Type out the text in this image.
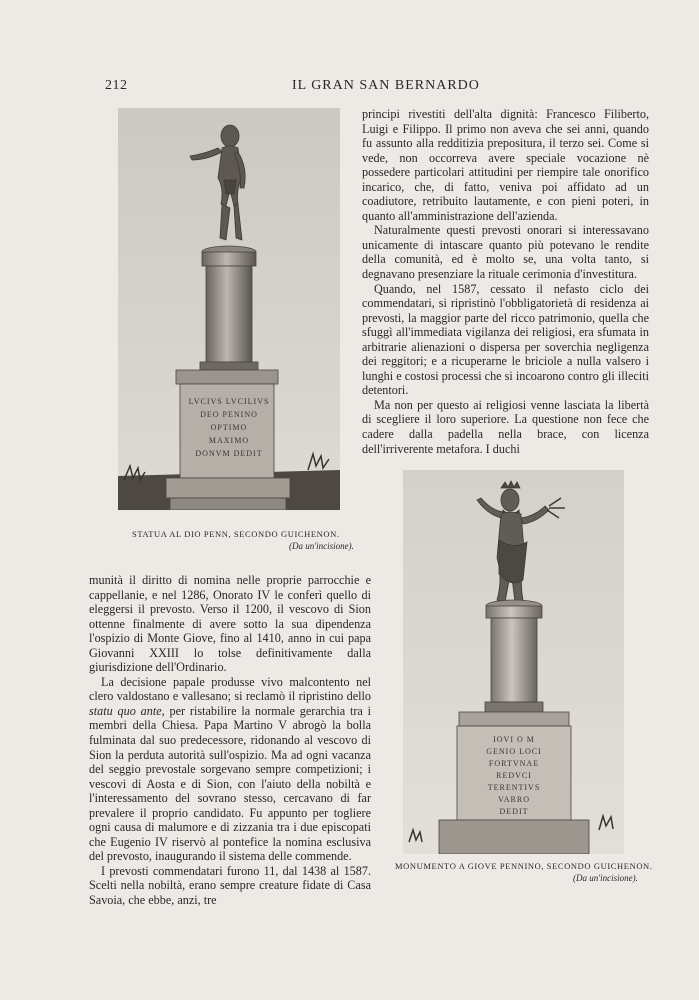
212	IL GRAN SAN BERNARDO
LVCIVS LVCILIVS
DEO PENINO
OPTIMO
MAXIMO
DONVM DEDIT
STATUA AL DIO PENN, SECONDO GUICHENON.
(Da un'incisione).
IOVI O M
GENIO LOCI
FORTVNAE
REDVCI
TERENTIVS
VARRO
DEDIT
MONUMENTO A GIOVE PENNINO, SECONDO GUICHENON.
(Da un'incisione).

principi rivestiti dell'alta dignità: Francesco Filiberto, Luigi e Filippo. Il primo non aveva che sei anni, quando fu assunto alla redditizia prepositura, il terzo sei. Come si vede, non occorreva avere speciale vocazione nè possedere particolari attitudini per riempire tale onorifico incarico, che, di fatto, veniva poi affidato ad un coadiutore, retribuito lautamente, e con pieni poteri, in quanto all'amministrazione dell'azienda.

Naturalmente questi prevosti onorari si interessavano unicamente di intascare quanto più potevano le rendite della comunità, ed è molto se, una volta tanto, si degnavano presenziare la rituale cerimonia d'investitura.

Quando, nel 1587, cessato il nefasto ciclo dei commendatari, si ripristinò l'obbligatorietà di residenza ai prevosti, la maggior parte del ricco patrimonio, quella che sfuggì all'immediata vigilanza dei religiosi, era sfumata in arbitrarie alienazioni o dispersa per soverchia negligenza dei reggitori; e a ricuperarne le briciole a nulla valsero i lunghi e costosi processi che si incoarono contro gli illeciti detentori.

Ma non per questo ai religiosi venne lasciata la libertà di scegliere il loro superiore. La questione non fece che cadere dalla padella nella brace, con licenza dell'irriverente metafora. I duchi

munità il diritto di nomina nelle proprie parrocchie e cappellanie, e nel 1286, Onorato IV le conferì quello di eleggersi il prevosto. Verso il 1200, il vescovo di Sion ottenne finalmente di avere sotto la sua dipendenza l'ospizio di Monte Giove, fino al 1410, anno in cui papa Giovanni XXIII lo tolse definitivamente dalla giurisdizione dell'Ordinario.

La decisione papale produsse vivo malcontento nel clero valdostano e vallesano; si reclamò il ripristino dello statu quo ante, per ristabilire la normale gerarchia tra i membri della Chiesa. Papa Martino V abrogò la bolla fulminata dal suo predecessore, ridonando al vescovo di Sion la perduta autorità sull'ospizio. Ma ad ogni vacanza del seggio prevostale sorgevano sempre competizioni; i vescovi di Aosta e di Sion, con l'aiuto della nobiltà e l'interessamento del sovrano stesso, cercavano di far prevalere il proprio candidato. Fu appunto per togliere ogni causa di malumore e di zizzania tra i due episcopati che Eugenio IV riservò al pontefice la nomina esclusiva del prevosto, inaugurando il sistema delle commende.

I prevosti commendatari furono 11, dal 1438 al 1587. Scelti nella nobiltà, erano sempre creature fidate di Casa Savoia, che ebbe, anzi, tre
